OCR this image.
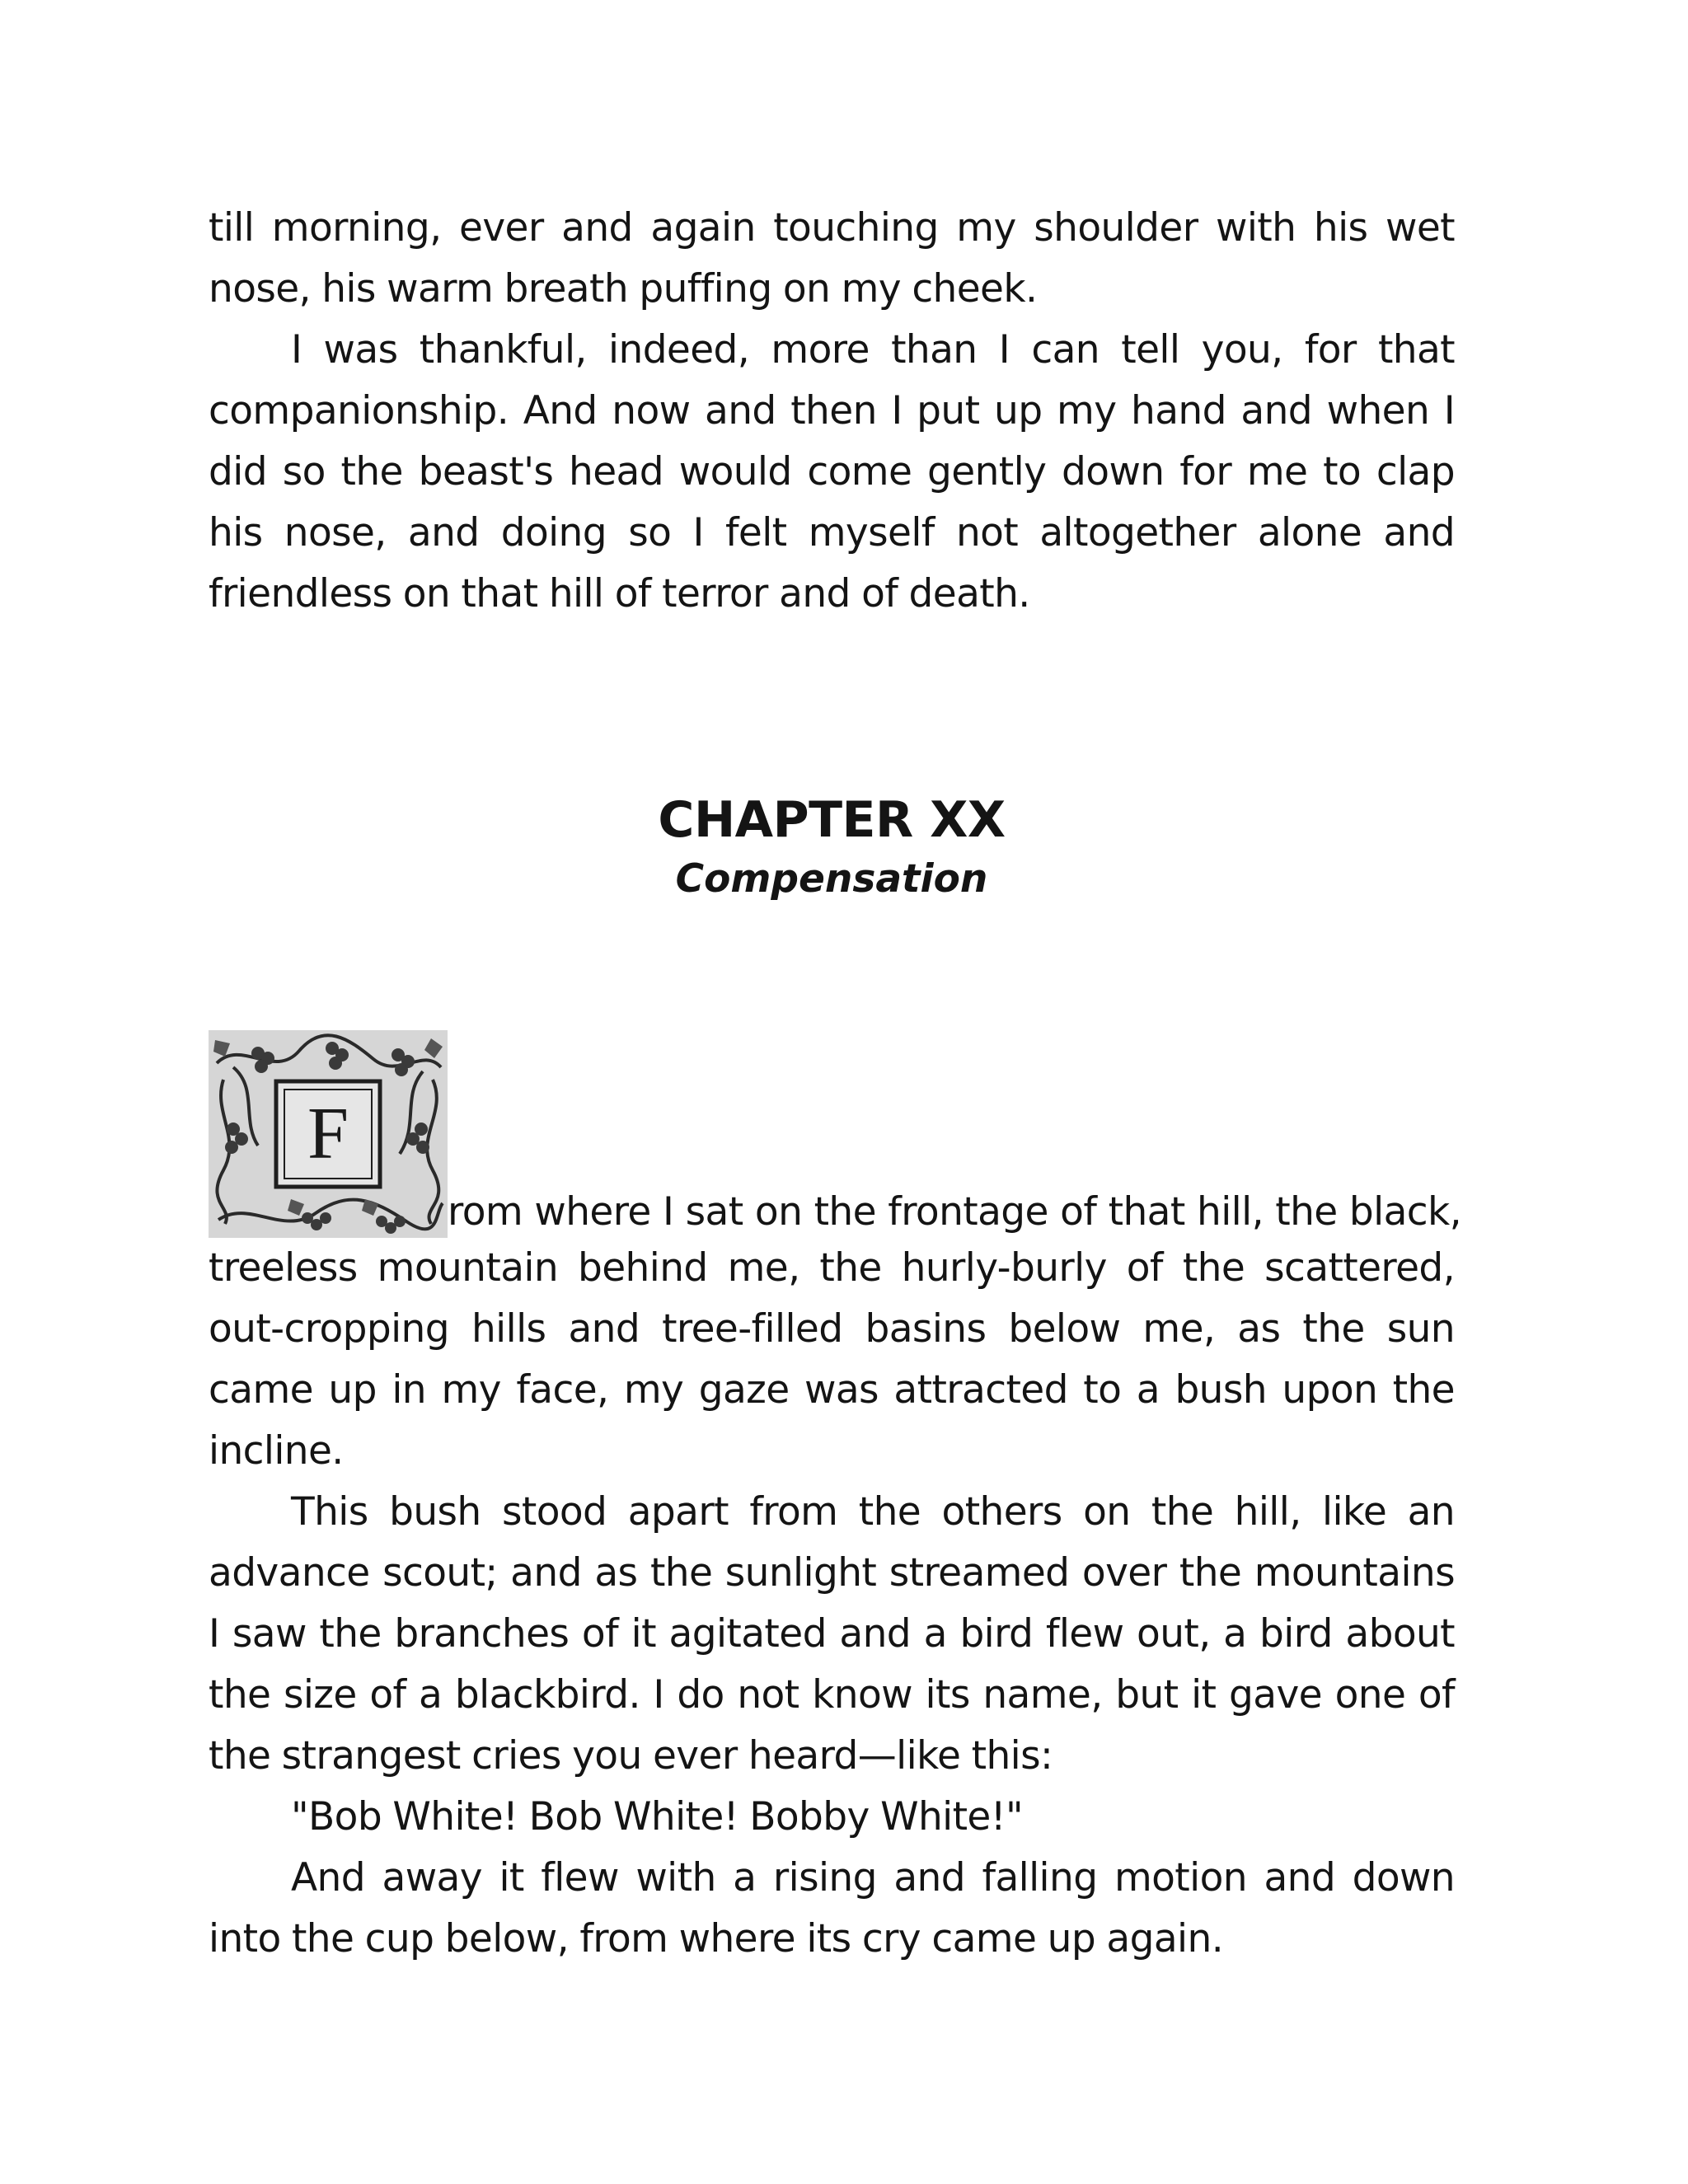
till morning, ever and again touching my shoulder with his wet nose, his warm breath puffing on my cheek.

I was thankful, indeed, more than I can tell you, for that companionship. And now and then I put up my hand and when I did so the beast's head would come gently down for me to clap his nose, and doing so I felt myself not altogether alone and friendless on that hill of terror and of death.

CHAPTER XX
Compensation
F
rom where I sat on the frontage of that hill, the black,

treeless mountain behind me, the hurly-burly of the scattered, out-cropping hills and tree-filled basins below me, as the sun came up in my face, my gaze was attracted to a bush upon the incline.

This bush stood apart from the others on the hill, like an advance scout; and as the sunlight streamed over the mountains I saw the branches of it agitated and a bird flew out, a bird about the size of a blackbird. I do not know its name, but it gave one of the strangest cries you ever heard—like this:

"Bob White! Bob White! Bobby White!"

And away it flew with a rising and falling motion and down into the cup below, from where its cry came up again.
